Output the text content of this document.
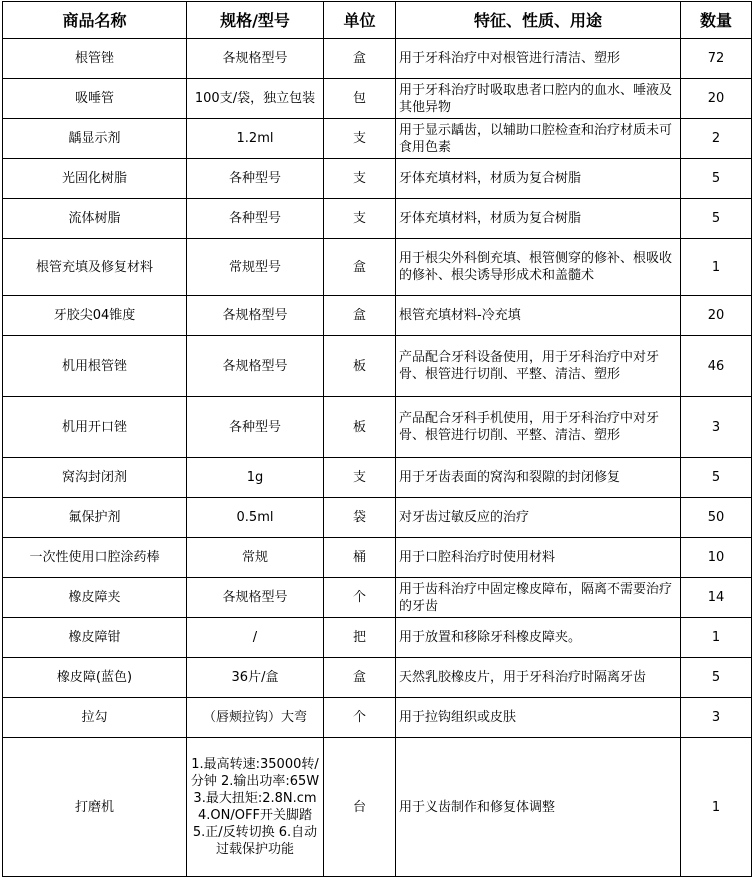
商品名称	规格/型号	单位	特征、性质、用途	数量
根管锉	各规格型号	盒	用于牙科治疗中对根管进行清洁、塑形	72
吸唾管	100支/袋，独立包装	包	用于牙科治疗时吸取患者口腔内的血水、唾液及其他异物	20
龋显示剂	1.2ml	支	用于显示龋齿，以辅助口腔检查和治疗材质未可食用色素	2
光固化树脂	各种型号	支	牙体充填材料，材质为复合树脂	5
流体树脂	各种型号	支	牙体充填材料，材质为复合树脂	5
根管充填及修复材料	常规型号	盒	用于根尖外科倒充填、根管侧穿的修补、根吸收的修补、根尖诱导形成术和盖髓术	1
牙胶尖04锥度	各规格型号	盒	根管充填材料-冷充填	20
机用根管锉	各规格型号	板	产品配合牙科设备使用，用于牙科治疗中对牙骨、根管进行切削、平整、清洁、塑形	46
机用开口锉	各种型号	板	产品配合牙科手机使用，用于牙科治疗中对牙骨、根管进行切削、平整、清洁、塑形	3
窝沟封闭剂	1g	支	用于牙齿表面的窝沟和裂隙的封闭修复	5
氟保护剂	0.5ml	袋	对牙齿过敏反应的治疗	50
一次性使用口腔涂药棒	常规	桶	用于口腔科治疗时使用材料	10
橡皮障夹	各规格型号	个	用于齿科治疗中固定橡皮障布，隔离不需要治疗的牙齿	14
橡皮障钳	/	把	用于放置和移除牙科橡皮障夹。	1
橡皮障(蓝色)	36片/盒	盒	天然乳胶橡皮片，用于牙科治疗时隔离牙齿	5
拉勾	（唇颊拉钩）大弯	个	用于拉钩组织或皮肤	3
打磨机	1.最高转速:35000转/分钟 2.输出功率:65W 3.最大扭矩:2.8N.cm 4.ON/OFF开关脚踏 5.正/反转切换 6.自动过载保护功能	台	用于义齿制作和修复体调整	1
